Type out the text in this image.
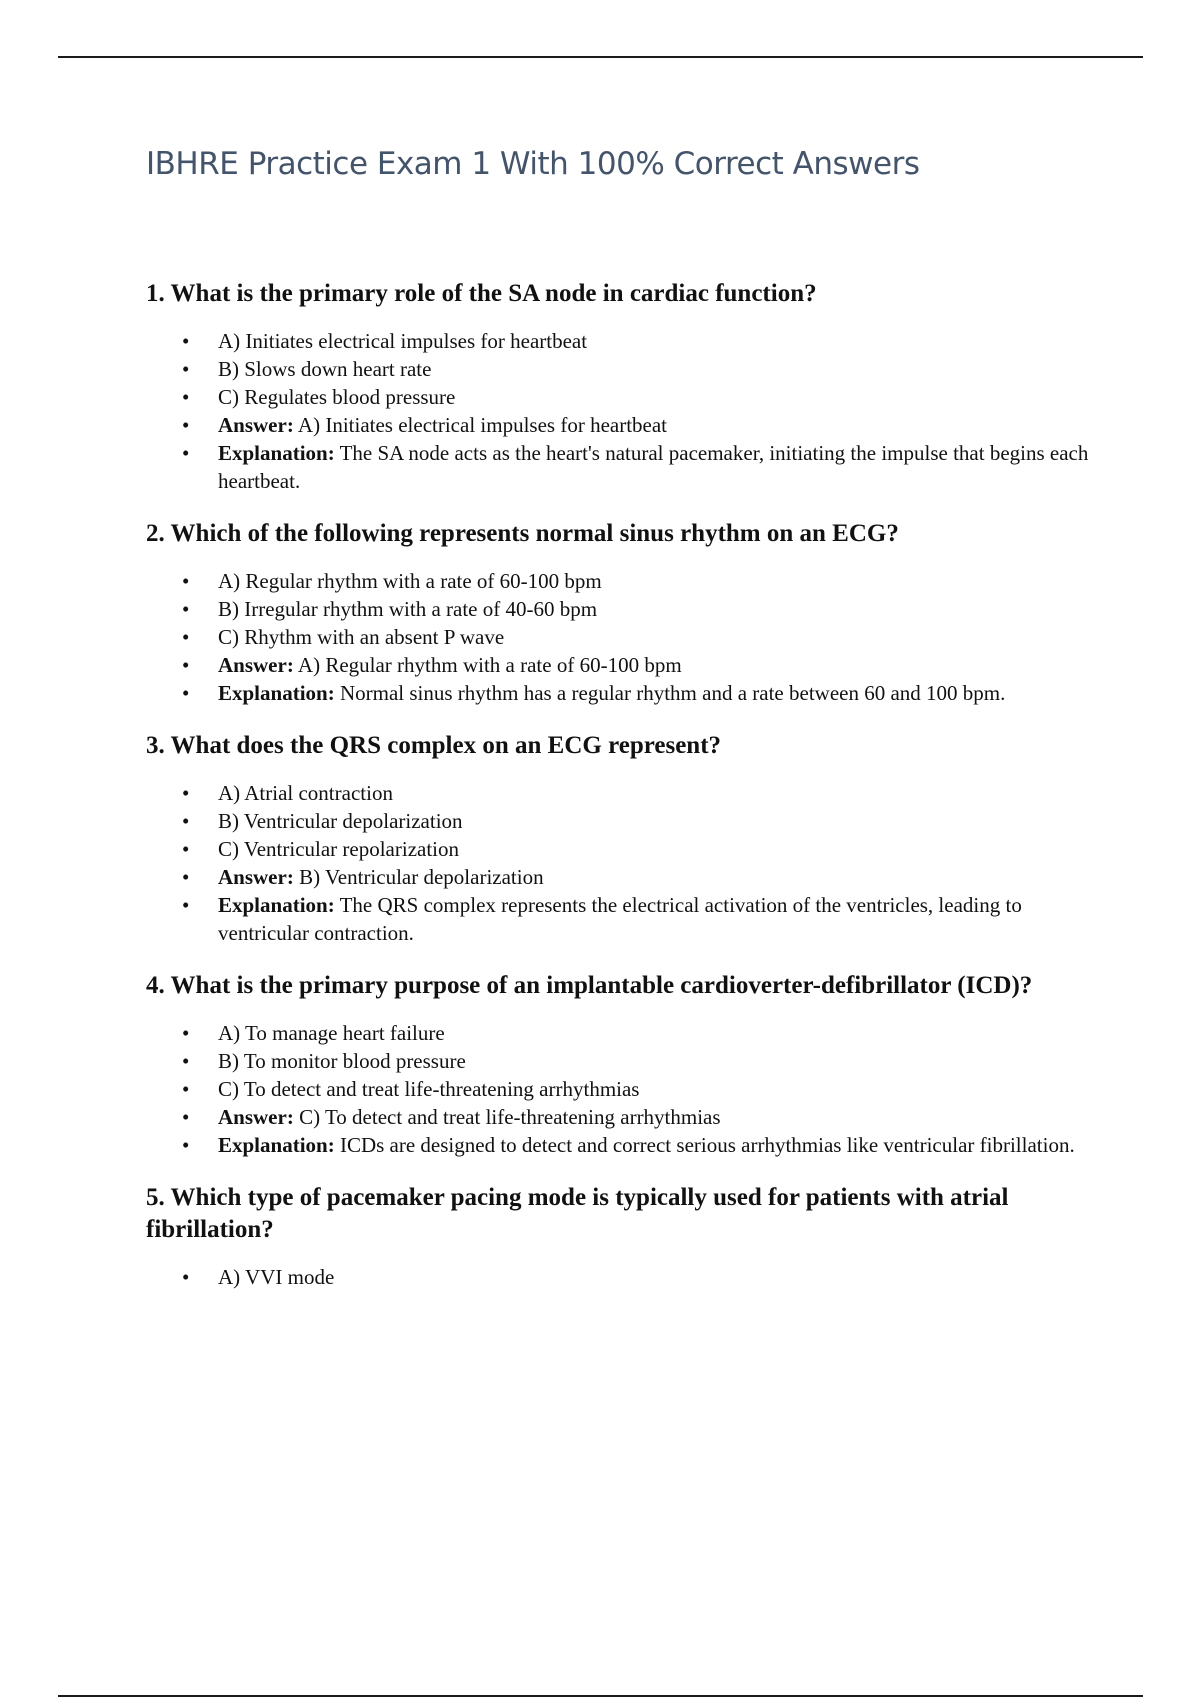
IBHRE Practice Exam 1 With 100% Correct Answers
1. What is the primary role of the SA node in cardiac function?
• A) Initiates electrical impulses for heartbeat
• B) Slows down heart rate
• C) Regulates blood pressure
• Answer: A) Initiates electrical impulses for heartbeat
• Explanation: The SA node acts as the heart's natural pacemaker, initiating the impulse that begins each heartbeat.
2. Which of the following represents normal sinus rhythm on an ECG?
• A) Regular rhythm with a rate of 60-100 bpm
• B) Irregular rhythm with a rate of 40-60 bpm
• C) Rhythm with an absent P wave
• Answer: A) Regular rhythm with a rate of 60-100 bpm
• Explanation: Normal sinus rhythm has a regular rhythm and a rate between 60 and 100 bpm.
3. What does the QRS complex on an ECG represent?
• A) Atrial contraction
• B) Ventricular depolarization
• C) Ventricular repolarization
• Answer: B) Ventricular depolarization
• Explanation: The QRS complex represents the electrical activation of the ventricles, leading to ventricular contraction.
4. What is the primary purpose of an implantable cardioverter-defibrillator (ICD)?
• A) To manage heart failure
• B) To monitor blood pressure
• C) To detect and treat life-threatening arrhythmias
• Answer: C) To detect and treat life-threatening arrhythmias
• Explanation: ICDs are designed to detect and correct serious arrhythmias like ventricular fibrillation.
5. Which type of pacemaker pacing mode is typically used for patients with atrial fibrillation?
• A) VVI mode
